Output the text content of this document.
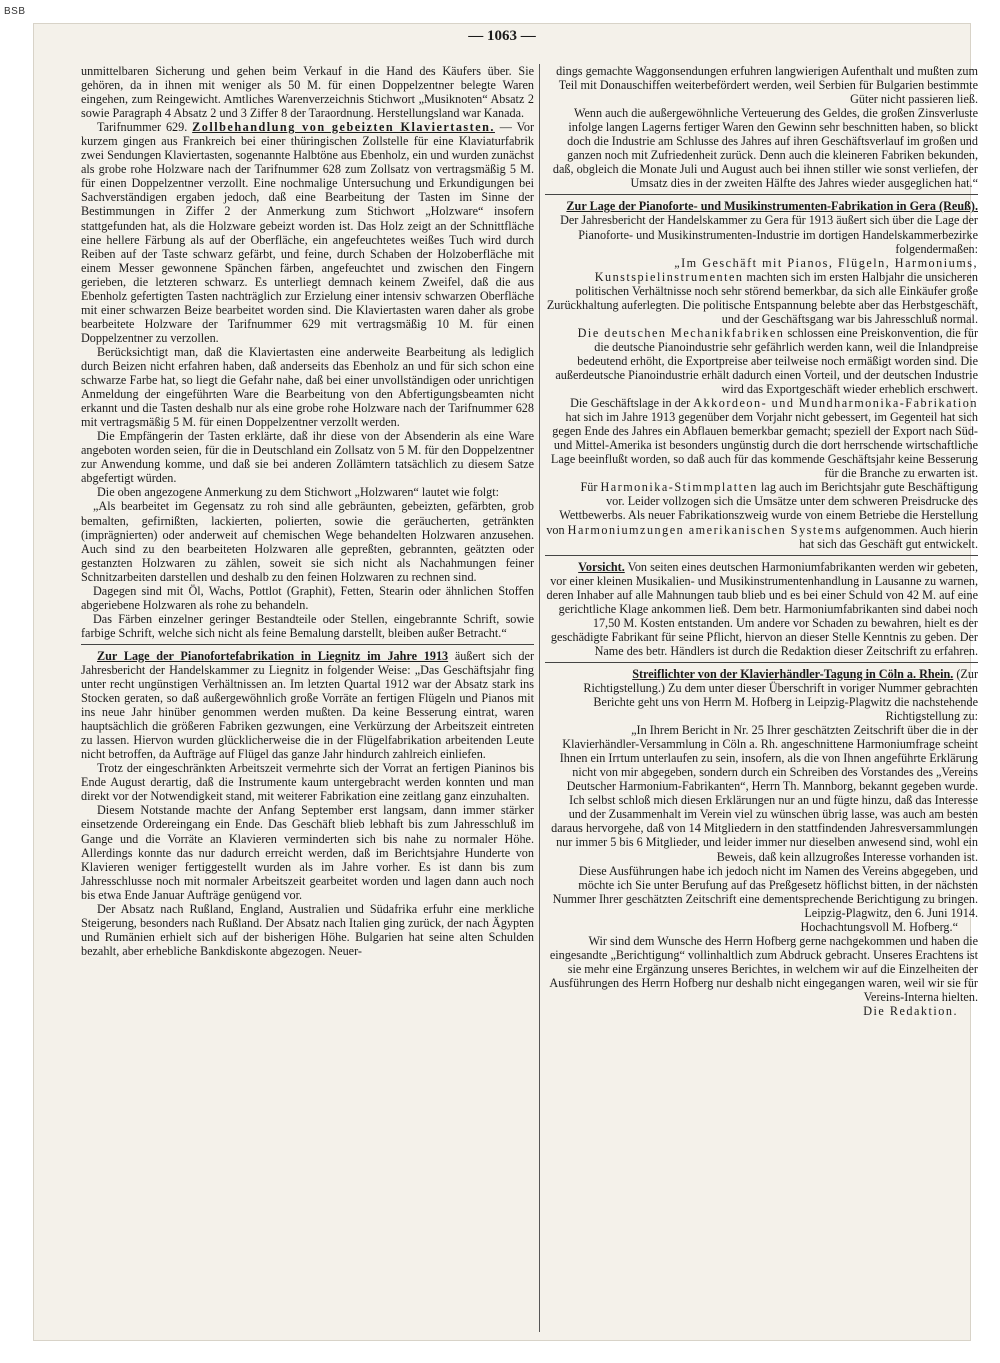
BSB
— 1063 —

unmittelbaren Sicherung und gehen beim Verkauf in die Hand des Käufers über. Sie gehören, da in ihnen mit weniger als 50 M. für einen Doppelzentner belegte Waren eingehen, zum Reingewicht. Amtliches Warenverzeichnis Stichwort „Musiknoten“ Absatz 2 sowie Paragraph 4 Absatz 2 und 3 Ziffer 8 der Taraordnung. Herstellungsland war Kanada.

Tarifnummer 629. Zollbehandlung von gebeizten Klaviertasten. — Vor kurzem gingen aus Frankreich bei einer thüringischen Zollstelle für eine Klaviaturfabrik zwei Sendungen Klaviertasten, sogenannte Halbtöne aus Ebenholz, ein und wurden zunächst als grobe rohe Holzware nach der Tarifnummer 628 zum Zollsatz von vertragsmäßig 5 M. für einen Doppelzentner verzollt. Eine nochmalige Untersuchung und Erkundigungen bei Sachverständigen ergaben jedoch, daß eine Bearbeitung der Tasten im Sinne der Bestimmungen in Ziffer 2 der Anmerkung zum Stichwort „Holzware“ insofern stattgefunden hat, als die Holzware gebeizt worden ist. Das Holz zeigt an der Schnittfläche eine hellere Färbung als auf der Oberfläche, ein angefeuchtetes weißes Tuch wird durch Reiben auf der Taste schwarz gefärbt, und feine, durch Schaben der Holzoberfläche mit einem Messer gewonnene Spänchen färben, angefeuchtet und zwischen den Fingern gerieben, die letzteren schwarz. Es unterliegt demnach keinem Zweifel, daß die aus Ebenholz gefertigten Tasten nachträglich zur Erzielung einer intensiv schwarzen Oberfläche mit einer schwarzen Beize bearbeitet worden sind. Die Klaviertasten waren daher als grobe bearbeitete Holzware der Tarifnummer 629 mit vertragsmäßig 10 M. für einen Doppelzentner zu verzollen.

Berücksichtigt man, daß die Klaviertasten eine anderweite Bearbeitung als lediglich durch Beizen nicht erfahren haben, daß anderseits das Ebenholz an und für sich schon eine schwarze Farbe hat, so liegt die Gefahr nahe, daß bei einer unvollständigen oder unrichtigen Anmeldung der eingeführten Ware die Bearbeitung von den Abfertigungsbeamten nicht erkannt und die Tasten deshalb nur als eine grobe rohe Holzware nach der Tarifnummer 628 mit vertragsmäßig 5 M. für einen Doppelzentner verzollt werden.

Die Empfängerin der Tasten erklärte, daß ihr diese von der Absenderin als eine Ware angeboten worden seien, für die in Deutschland ein Zollsatz von 5 M. für den Doppelzentner zur Anwendung komme, und daß sie bei anderen Zollämtern tatsächlich zu diesem Satze abgefertigt würden.

Die oben angezogene Anmerkung zu dem Stichwort „Holzwaren“ lautet wie folgt:

„Als bearbeitet im Gegensatz zu roh sind alle gebräunten, gebeizten, gefärbten, grob bemalten, gefirnißten, lackierten, polierten, sowie die geräucherten, getränkten (imprägnierten) oder anderweit auf chemischen Wege behandelten Holzwaren anzusehen. Auch sind zu den bearbeiteten Holzwaren alle gepreßten, gebrannten, geätzten oder gestanzten Holzwaren zu zählen, soweit sie sich nicht als Nachahmungen feiner Schnitzarbeiten darstellen und deshalb zu den feinen Holzwaren zu rechnen sind.

Dagegen sind mit Öl, Wachs, Pottlot (Graphit), Fetten, Stearin oder ähnlichen Stoffen abgeriebene Holzwaren als rohe zu behandeln.

Das Färben einzelner geringer Bestandteile oder Stellen, eingebrannte Schrift, sowie farbige Schrift, welche sich nicht als feine Bemalung darstellt, bleiben außer Betracht.“

Zur Lage der Pianofortefabrikation in Liegnitz im Jahre 1913 äußert sich der Jahresbericht der Handelskammer zu Liegnitz in folgender Weise: „Das Geschäftsjahr fing unter recht ungünstigen Verhältnissen an. Im letzten Quartal 1912 war der Absatz stark ins Stocken geraten, so daß außergewöhnlich große Vorräte an fertigen Flügeln und Pianos mit ins neue Jahr hinüber genommen werden mußten. Da keine Besserung eintrat, waren hauptsächlich die größeren Fabriken gezwungen, eine Verkürzung der Arbeitszeit eintreten zu lassen. Hiervon wurden glücklicherweise die in der Flügelfabrikation arbeitenden Leute nicht betroffen, da Aufträge auf Flügel das ganze Jahr hindurch zahlreich einliefen.

Trotz der eingeschränkten Arbeitszeit vermehrte sich der Vorrat an fertigen Pianinos bis Ende August derartig, daß die Instrumente kaum untergebracht werden konnten und man direkt vor der Notwendigkeit stand, mit weiterer Fabrikation eine zeitlang ganz einzuhalten.

Diesem Notstande machte der Anfang September erst langsam, dann immer stärker einsetzende Ordereingang ein Ende. Das Geschäft blieb lebhaft bis zum Jahresschluß im Gange und die Vorräte an Klavieren verminderten sich bis nahe zu normaler Höhe. Allerdings konnte das nur dadurch erreicht werden, daß im Berichtsjahre Hunderte von Klavieren weniger fertiggestellt wurden als im Jahre vorher. Es ist dann bis zum Jahresschlusse noch mit normaler Arbeitszeit gearbeitet worden und lagen dann auch noch bis etwa Ende Januar Aufträge genügend vor.

Der Absatz nach Rußland, England, Australien und Südafrika erfuhr eine merkliche Steigerung, besonders nach Rußland. Der Absatz nach Italien ging zurück, der nach Ägypten und Rumänien erhielt sich auf der bisherigen Höhe. Bulgarien hat seine alten Schulden bezahlt, aber erhebliche Bankdiskonte abgezogen. Neuer-

dings gemachte Waggonsendungen erfuhren langwierigen Aufenthalt und mußten zum Teil mit Donauschiffen weiterbefördert werden, weil Serbien für Bulgarien bestimmte Güter nicht passieren ließ.

Wenn auch die außergewöhnliche Verteuerung des Geldes, die großen Zinsverluste infolge langen Lagerns fertiger Waren den Gewinn sehr beschnitten haben, so blickt doch die Industrie am Schlusse des Jahres auf ihren Geschäftsverlauf im großen und ganzen noch mit Zufriedenheit zurück. Denn auch die kleineren Fabriken bekunden, daß, obgleich die Monate Juli und August auch bei ihnen stiller wie sonst verliefen, der Umsatz dies in der zweiten Hälfte des Jahres wieder ausgeglichen hat.“

Zur Lage der Pianoforte- und Musikinstrumenten-Fabrikation in Gera (Reuß). Der Jahresbericht der Handelskammer zu Gera für 1913 äußert sich über die Lage der Pianoforte- und Musikinstrumenten-Industrie im dortigen Handelskammerbezirke folgendermaßen:

„Im Geschäft mit Pianos, Flügeln, Harmoniums, Kunstspielinstrumenten machten sich im ersten Halbjahr die unsicheren politischen Verhältnisse noch sehr störend bemerkbar, da sich alle Einkäufer große Zurückhaltung auferlegten. Die politische Entspannung belebte aber das Herbstgeschäft, und der Geschäftsgang war bis Jahresschluß normal.

Die deutschen Mechanikfabriken schlossen eine Preiskonvention, die für die deutsche Pianoindustrie sehr gefährlich werden kann, weil die Inlandpreise bedeutend erhöht, die Exportpreise aber teilweise noch ermäßigt worden sind. Die außerdeutsche Pianoindustrie erhält dadurch einen Vorteil, und der deutschen Industrie wird das Exportgeschäft wieder erheblich erschwert.

Die Geschäftslage in der Akkordeon- und Mundharmonika-Fabrikation hat sich im Jahre 1913 gegenüber dem Vorjahr nicht gebessert, im Gegenteil hat sich gegen Ende des Jahres ein Abflauen bemerkbar gemacht; speziell der Export nach Süd- und Mittel-Amerika ist besonders ungünstig durch die dort herrschende wirtschaftliche Lage beeinflußt worden, so daß auch für das kommende Geschäftsjahr keine Besserung für die Branche zu erwarten ist.

Für Harmonika-Stimmplatten lag auch im Berichtsjahr gute Beschäftigung vor. Leider vollzogen sich die Umsätze unter dem schweren Preisdrucke des Wettbewerbs. Als neuer Fabrikationszweig wurde von einem Betriebe die Herstellung von Harmoniumzungen amerikanischen Systems aufgenommen. Auch hierin hat sich das Geschäft gut entwickelt.

Vorsicht. Von seiten eines deutschen Harmoniumfabrikanten werden wir gebeten, vor einer kleinen Musikalien- und Musikinstrumentenhandlung in Lausanne zu warnen, deren Inhaber auf alle Mahnungen taub blieb und es bei einer Schuld von 42 M. auf eine gerichtliche Klage ankommen ließ. Dem betr. Harmoniumfabrikanten sind dabei noch 17,50 M. Kosten entstanden. Um andere vor Schaden zu bewahren, hielt es der geschädigte Fabrikant für seine Pflicht, hiervon an dieser Stelle Kenntnis zu geben. Der Name des betr. Händlers ist durch die Redaktion dieser Zeitschrift zu erfahren.

Streiflichter von der Klavierhändler-Tagung in Cöln a. Rhein. (Zur Richtigstellung.) Zu dem unter dieser Überschrift in voriger Nummer gebrachten Berichte geht uns von Herrn M. Hofberg in Leipzig-Plagwitz die nachstehende Richtigstellung zu:

„In Ihrem Bericht in Nr. 25 Ihrer geschätzten Zeitschrift über die in der Klavierhändler-Versammlung in Cöln a. Rh. angeschnittene Harmoniumfrage scheint Ihnen ein Irrtum unterlaufen zu sein, insofern, als die von Ihnen angeführte Erklärung nicht von mir abgegeben, sondern durch ein Schreiben des Vorstandes des „Vereins Deutscher Harmonium-Fabrikanten“, Herrn Th. Mannborg, bekannt gegeben wurde.

Ich selbst schloß mich diesen Erklärungen nur an und fügte hinzu, daß das Interesse und der Zusammenhalt im Verein viel zu wünschen übrig lasse, was auch am besten daraus hervorgehe, daß von 14 Mitgliedern in den stattfindenden Jahresversammlungen nur immer 5 bis 6 Mitglieder, und leider immer nur dieselben anwesend sind, wohl ein Beweis, daß kein allzugroßes Interesse vorhanden ist.

Diese Ausführungen habe ich jedoch nicht im Namen des Vereins abgegeben, und möchte ich Sie unter Berufung auf das Preßgesetz höflichst bitten, in der nächsten Nummer Ihrer geschätzten Zeitschrift eine dementsprechende Berichtigung zu bringen.

Leipzig-Plagwitz, den 6. Juni 1914.

Hochachtungsvoll M. Hofberg.“

Wir sind dem Wunsche des Herrn Hofberg gerne nachgekommen und haben die eingesandte „Berichtigung“ vollinhaltlich zum Abdruck gebracht. Unseres Erachtens ist sie mehr eine Ergänzung unseres Berichtes, in welchem wir auf die Einzelheiten der Ausführungen des Herrn Hofberg nur deshalb nicht eingegangen waren, weil wir sie für Vereins-Interna hielten.

Die Redaktion.
